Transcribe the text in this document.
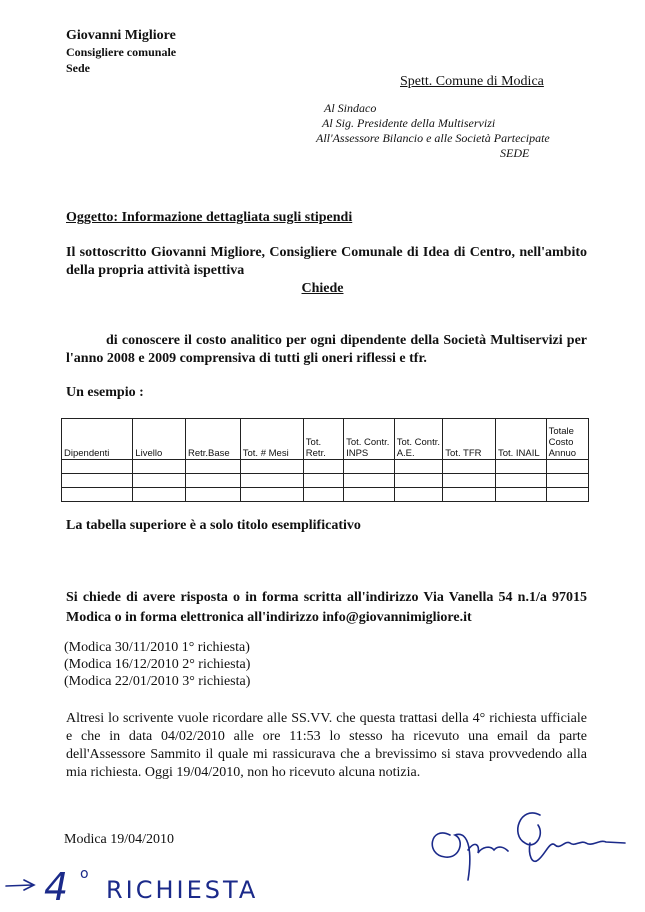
Giovanni Migliore
Consigliere comunale
Sede
Spett. Comune di Modica
Al Sindaco
Al Sig. Presidente della Multiservizi
All'Assessore Bilancio e alle Società Partecipate
SEDE
Oggetto: Informazione dettagliata sugli stipendi
Il sottoscritto Giovanni Migliore, Consigliere Comunale di Idea di Centro, nell'ambito della propria attività ispettiva
Chiede
di conoscere il costo analitico per ogni dipendente della Società Multiservizi per l'anno 2008 e 2009 comprensiva di tutti gli oneri riflessi e tfr.
Un esempio :
Dipendenti	Livello	Retr.Base	Tot. # Mesi	Tot. Retr.	Tot. Contr. INPS	Tot. Contr. A.E.	Tot. TFR	Tot. INAIL	Totale Costo Annuo

La tabella superiore è a solo titolo esemplificativo
Si chiede di avere risposta o in forma scritta all'indirizzo Via Vanella 54 n.1/a 97015 Modica o in forma elettronica all'indirizzo info@giovannimigliore.it
(Modica 30/11/2010 1° richiesta)
(Modica 16/12/2010 2° richiesta)
(Modica 22/01/2010 3° richiesta)
Altresi lo scrivente vuole ricordare alle SS.VV. che questa trattasi della 4° richiesta ufficiale e che in data 04/02/2010 alle ore 11:53 lo stesso ha ricevuto una email da parte dell'Assessore Sammito il quale mi rassicurava che a brevissimo si stava provvedendo alla mia richiesta. Oggi 19/04/2010, non ho ricevuto alcuna notizia.
Modica 19/04/2010
4 o
RICHIESTA
